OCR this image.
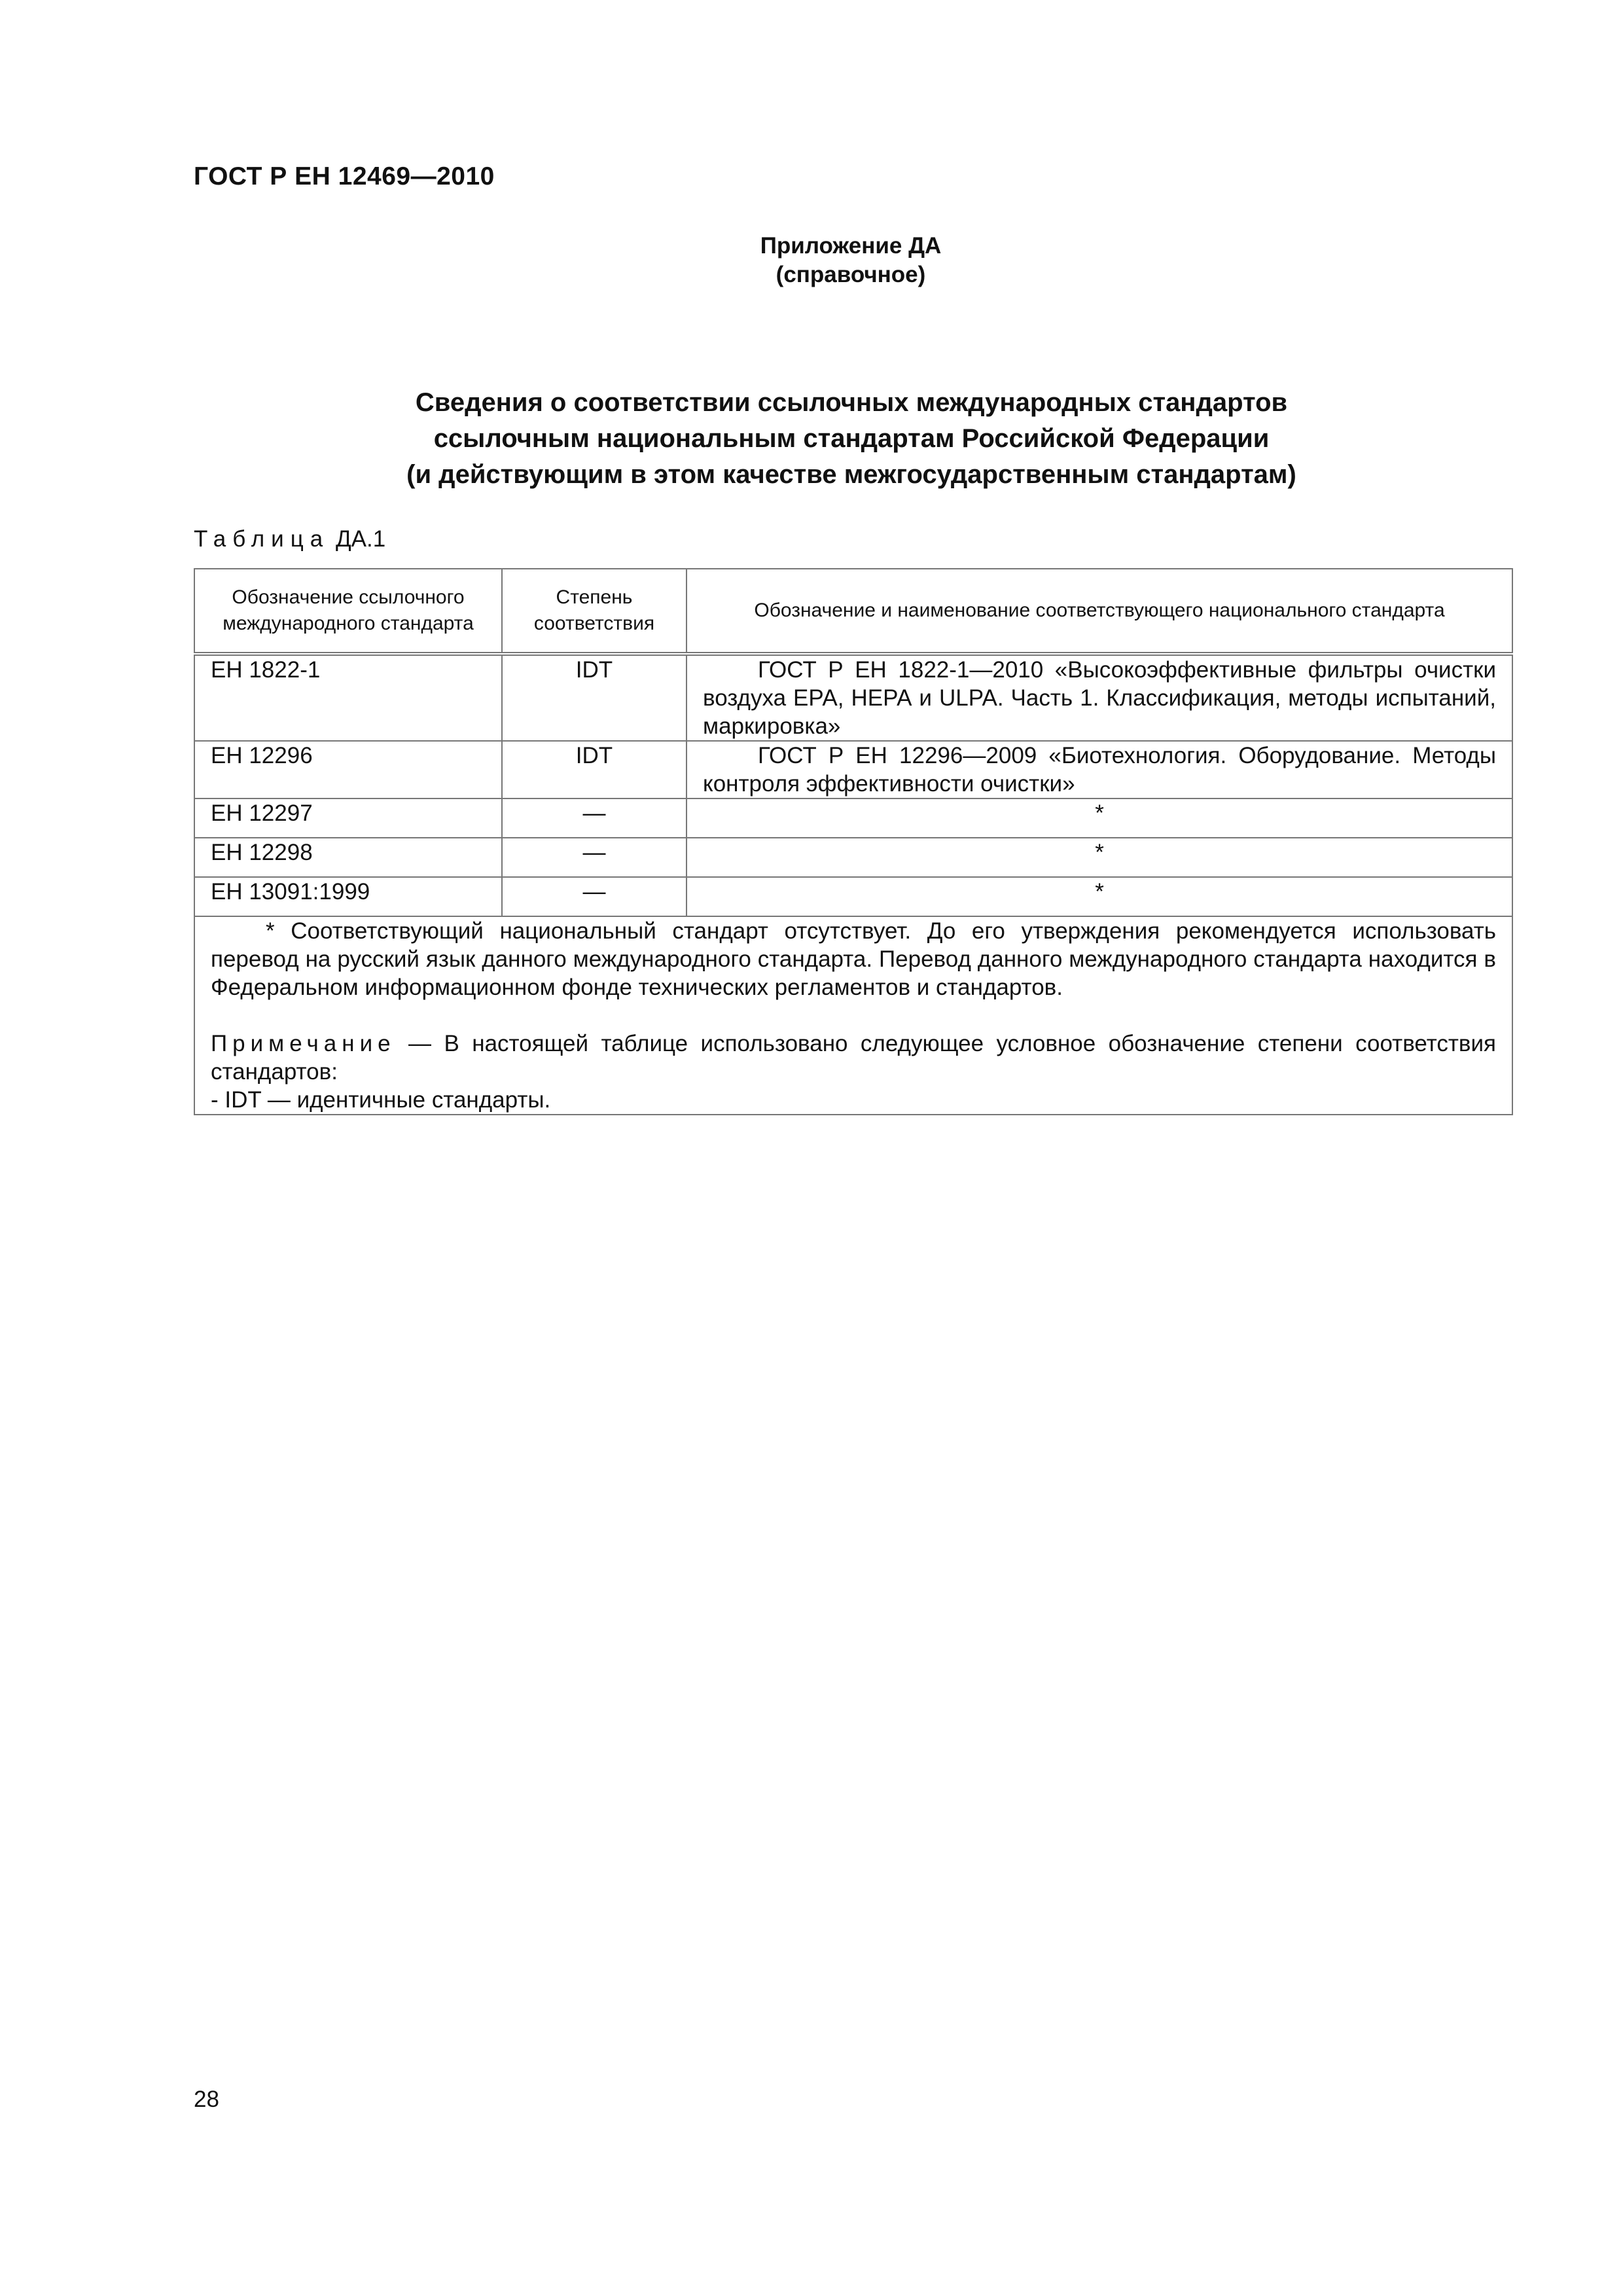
ГОСТ Р ЕН 12469—2010
Приложение ДА
(справочное)
Сведения о соответствии ссылочных международных стандартов
ссылочным национальным стандартам Российской Федерации
(и действующим в этом качестве межгосударственным стандартам)
Таблица ДА.1
Обозначение ссылочного международного стандарта	Степень соответствия	Обозначение и наименование соответствующего национального стандарта
ЕН 1822-1	IDT	ГОСТ Р ЕН 1822-1—2010 «Высокоэффективные фильтры очистки воздуха ЕРА, НЕРА и ULPA. Часть 1. Классификация, методы испытаний, маркировка»
ЕН 12296	IDT	ГОСТ Р ЕН 12296—2009 «Биотехнология. Оборудование. Методы контроля эффективности очистки»
ЕН 12297	—	*
ЕН 12298	—	*
ЕН 13091:1999	—	*

* Соответствующий национальный стандарт отсутствует. До его утверждения рекомендуется использовать перевод на русский язык данного международного стандарта. Перевод данного международного стандарта находится в Федеральном информационном фонде технических регламентов и стандартов.
Примечание — В настоящей таблице использовано следующее условное обозначение степени соответствия стандартов:
- IDT — идентичные стандарты.		
28
